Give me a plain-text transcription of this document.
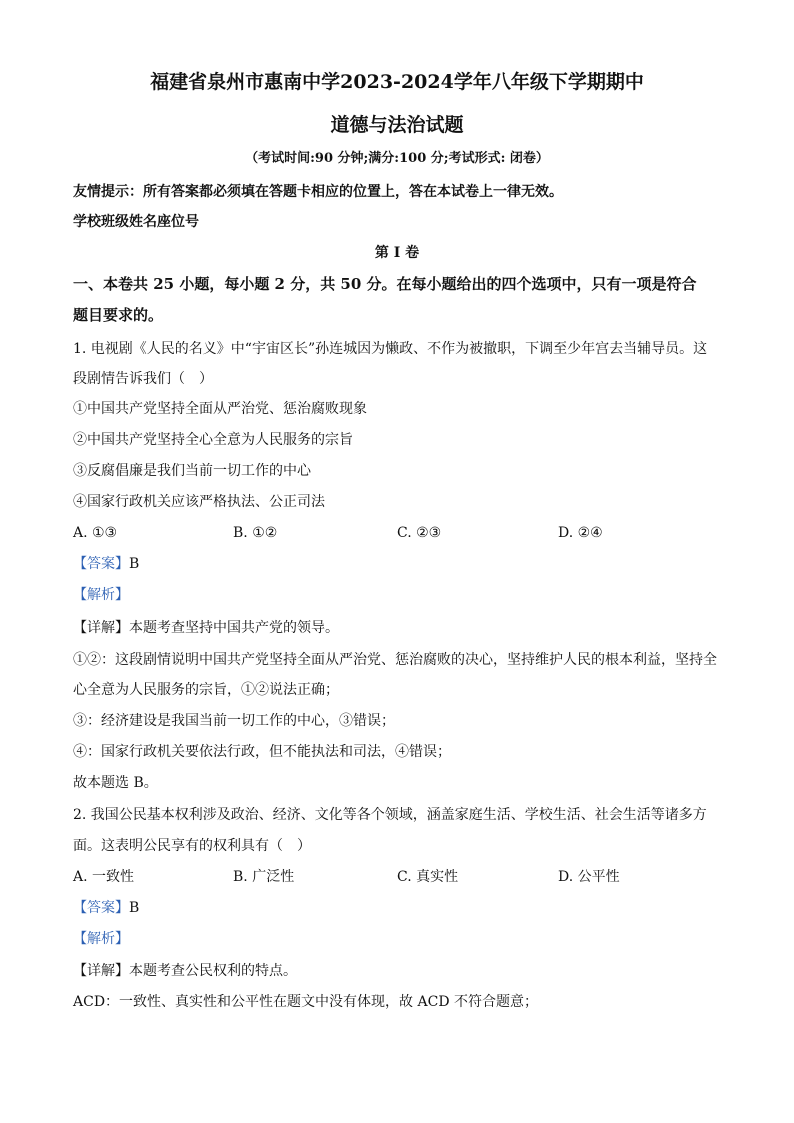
福建省泉州市惠南中学2023-2024学年八年级下学期期中
道德与法治试题
（考试时间:90 分钟;满分:100 分;考试形式: 闭卷）
友情提示：所有答案都必须填在答题卡相应的位置上，答在本试卷上一律无效。
学校班级姓名座位号
第 I 卷
一、本卷共 25 小题，每小题 2 分，共 50 分。在每小题给出的四个选项中，只有一项是符合
题目要求的。
1. 电视剧《人民的名义》中“宇宙区长”孙连城因为懒政、不作为被撤职，下调至少年宫去当辅导员。这
段剧情告诉我们（　）
①中国共产党坚持全面从严治党、惩治腐败现象
②中国共产党坚持全心全意为人民服务的宗旨
③反腐倡廉是我们当前一切工作的中心
④国家行政机关应该严格执法、公正司法
A. ①③	B. ①②	C. ②③	D. ②④
【答案】B
【解析】
【详解】本题考查坚持中国共产党的领导。
①②：这段剧情说明中国共产党坚持全面从严治党、惩治腐败的决心，坚持维护人民的根本利益，坚持全
心全意为人民服务的宗旨，①②说法正确；
③：经济建设是我国当前一切工作的中心，③错误；
④：国家行政机关要依法行政，但不能执法和司法，④错误；
故本题选 B。
2. 我国公民基本权利涉及政治、经济、文化等各个领域，涵盖家庭生活、学校生活、社会生活等诸多方
面。这表明公民享有的权利具有（　）
A. 一致性	B. 广泛性	C. 真实性	D. 公平性
【答案】B
【解析】
【详解】本题考查公民权利的特点。
ACD：一致性、真实性和公平性在题文中没有体现，故 ACD 不符合题意；
